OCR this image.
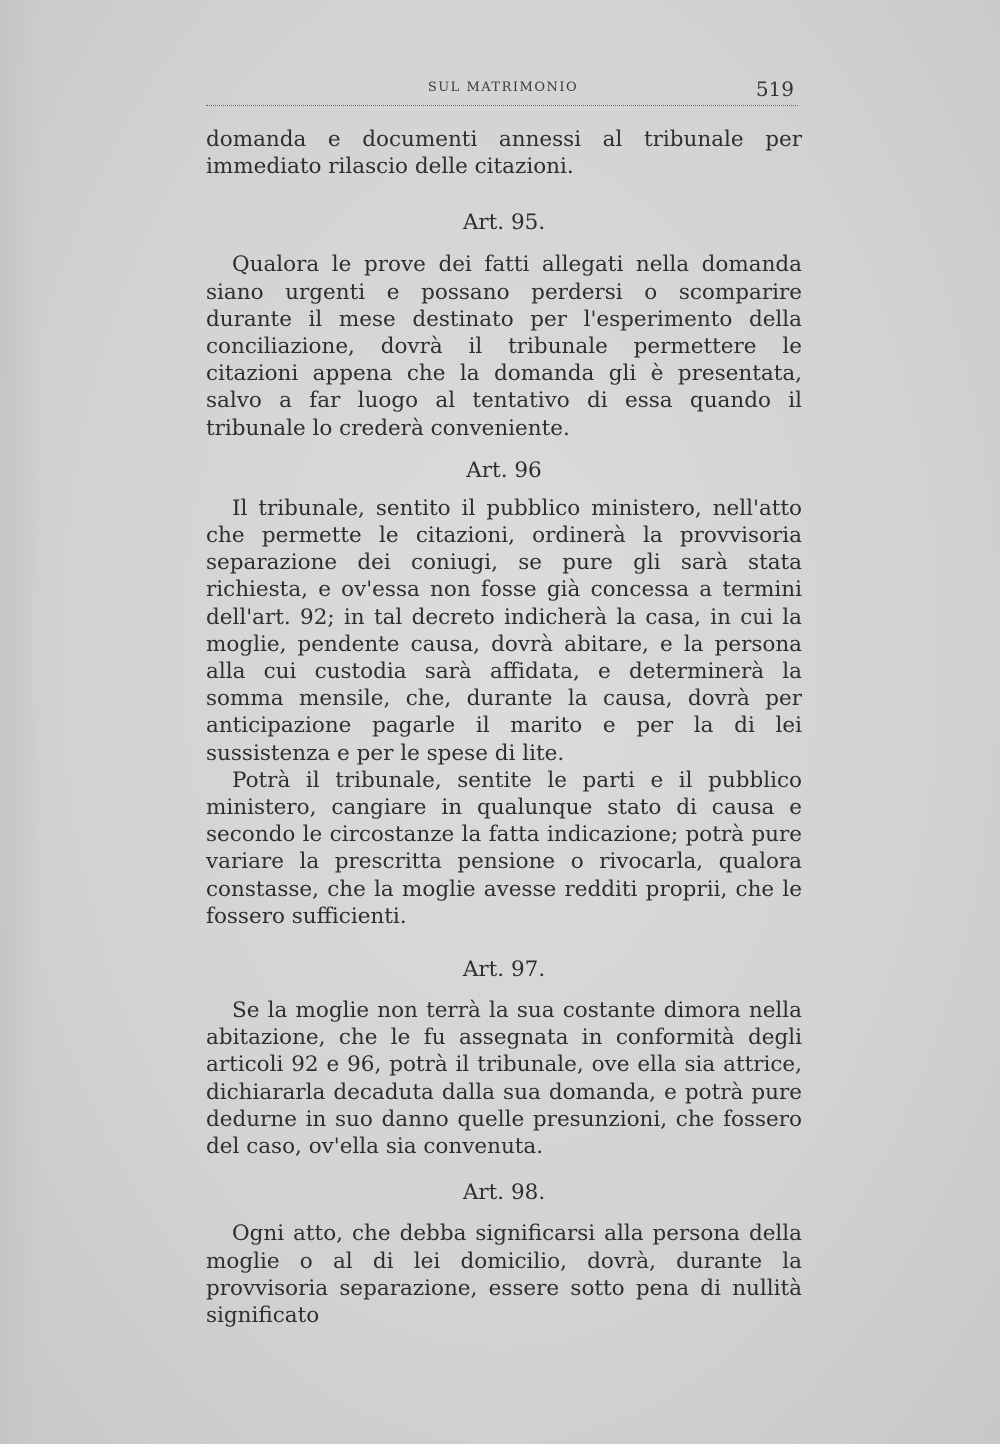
SUL MATRIMONIO	519

domanda e documenti annessi al tribunale per immediato rilascio delle citazioni.

Art. 95.

Qualora le prove dei fatti allegati nella domanda siano urgenti e possano perdersi o scomparire durante il mese destinato per l'esperimento della conciliazione, dovrà il tribunale permettere le citazioni appena che la domanda gli è presentata, salvo a far luogo al tentativo di essa quando il tribunale lo crederà conveniente.

Art. 96

Il tribunale, sentito il pubblico ministero, nell'atto che permette le citazioni, ordinerà la provvisoria separazione dei coniugi, se pure gli sarà stata richiesta, e ov'essa non fosse già concessa a termini dell'art. 92; in tal decreto indicherà la casa, in cui la moglie, pendente causa, dovrà abitare, e la persona alla cui custodia sarà affidata, e determinerà la somma mensile, che, durante la causa, dovrà per anticipazione pagarle il marito e per la di lei sussistenza e per le spese di lite.

Potrà il tribunale, sentite le parti e il pubblico ministero, cangiare in qualunque stato di causa e secondo le circostanze la fatta indicazione; potrà pure variare la prescritta pensione o rivocarla, qualora constasse, che la moglie avesse redditi proprii, che le fossero sufficienti.

Art. 97.

Se la moglie non terrà la sua costante dimora nella abitazione, che le fu assegnata in conformità degli articoli 92 e 96, potrà il tribunale, ove ella sia attrice, dichiararla decaduta dalla sua domanda, e potrà pure dedurne in suo danno quelle presunzioni, che fossero del caso, ov'ella sia convenuta.

Art. 98.

Ogni atto, che debba significarsi alla persona della moglie o al di lei domicilio, dovrà, durante la provvisoria separazione, essere sotto pena di nullità significato
